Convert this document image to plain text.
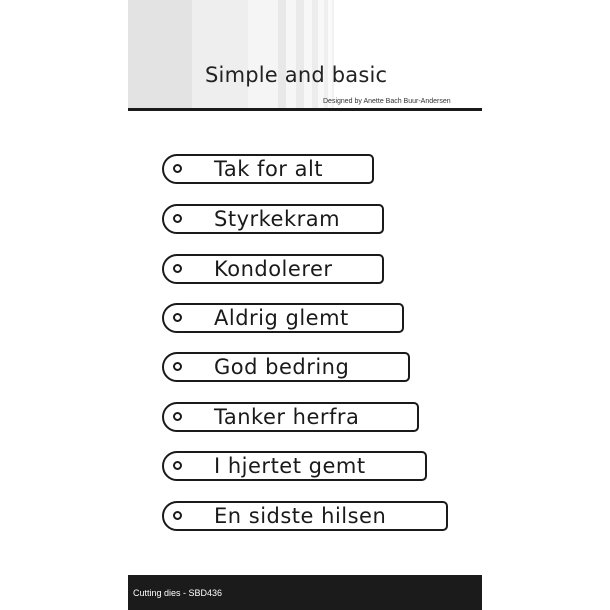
Simple and basic
Designed by Anette Bach Buur-Andersen
Tak for alt
Styrkekram
Kondolerer
Aldrig glemt
God bedring
Tanker herfra
I hjertet gemt
En sidste hilsen
Cutting dies - SBD436
